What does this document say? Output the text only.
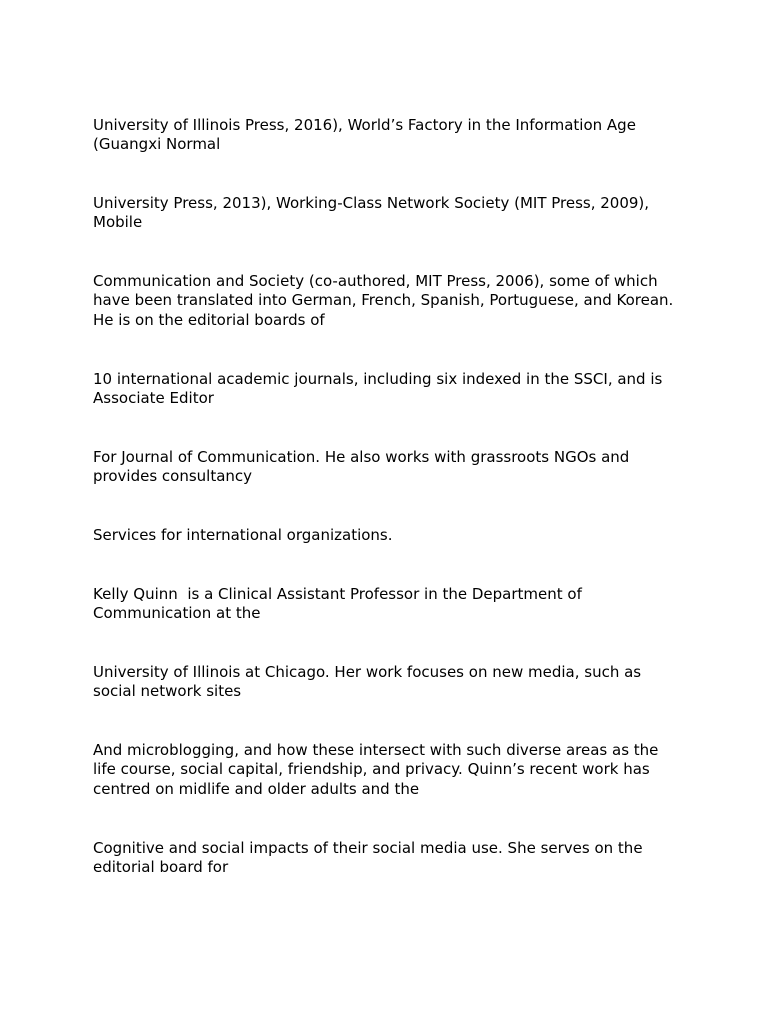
University of Illinois Press, 2016), World’s Factory in the Information Age (Guangxi Normal

University Press, 2013), Working-Class Network Society (MIT Press, 2009), Mobile

Communication and Society (co-authored, MIT Press, 2006), some of which have been translated into German, French, Spanish, Portuguese, and Korean. He is on the editorial boards of

10 international academic journals, including six indexed in the SSCI, and is Associate Editor

For Journal of Communication. He also works with grassroots NGOs and provides consultancy

Services for international organizations.

Kelly Quinn  is a Clinical Assistant Professor in the Department of Communication at the

University of Illinois at Chicago. Her work focuses on new media, such as social network sites

And microblogging, and how these intersect with such diverse areas as the life course, social capital, friendship, and privacy. Quinn’s recent work has centred on midlife and older adults and the

Cognitive and social impacts of their social media use. She serves on the editorial board for
